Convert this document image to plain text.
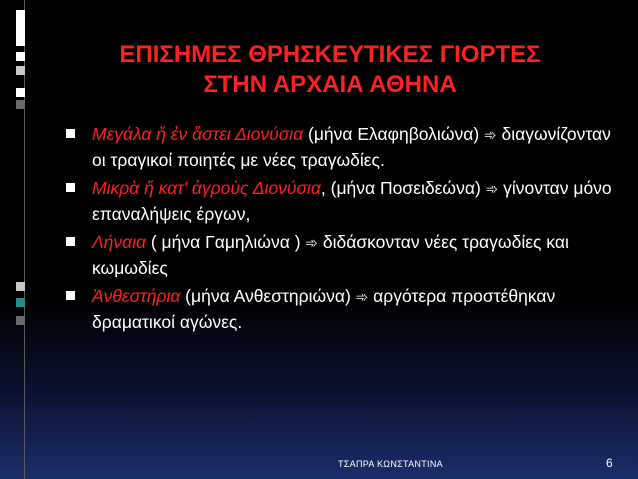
ΕΠΙΣΗΜΕΣ ΘΡΗΣΚΕΥΤΙΚΕΣ ΓΙΟΡΤΕΣ
ΣΤΗΝ ΑΡΧΑΙΑ ΑΘΗΝΑ
Μεγάλα ἤ ἐν ἄστει Διονύσια (μήνα Ελαφηβολιώνα) ➾ διαγωνίζονταν οι τραγικοί ποιητές με νέες τραγωδίες.
Μικρὰ ἤ κατ' ἀγροὺς Διονύσια, (μήνα Ποσειδεώνα) ➾ γίνονταν μόνο επαναλήψεις έργων,
Λήναια ( μήνα Γαμηλιώνα ) ➾ διδάσκονταν νέες τραγωδίες και κωμωδίες
Ἀνθεστήρια (μήνα Ανθεστηριώνα) ➾ αργότερα προστέθηκαν δραματικοί αγώνες.
ΤΣΑΠΡΑ ΚΩΝΣΤΑΝΤΙΝΑ	6
